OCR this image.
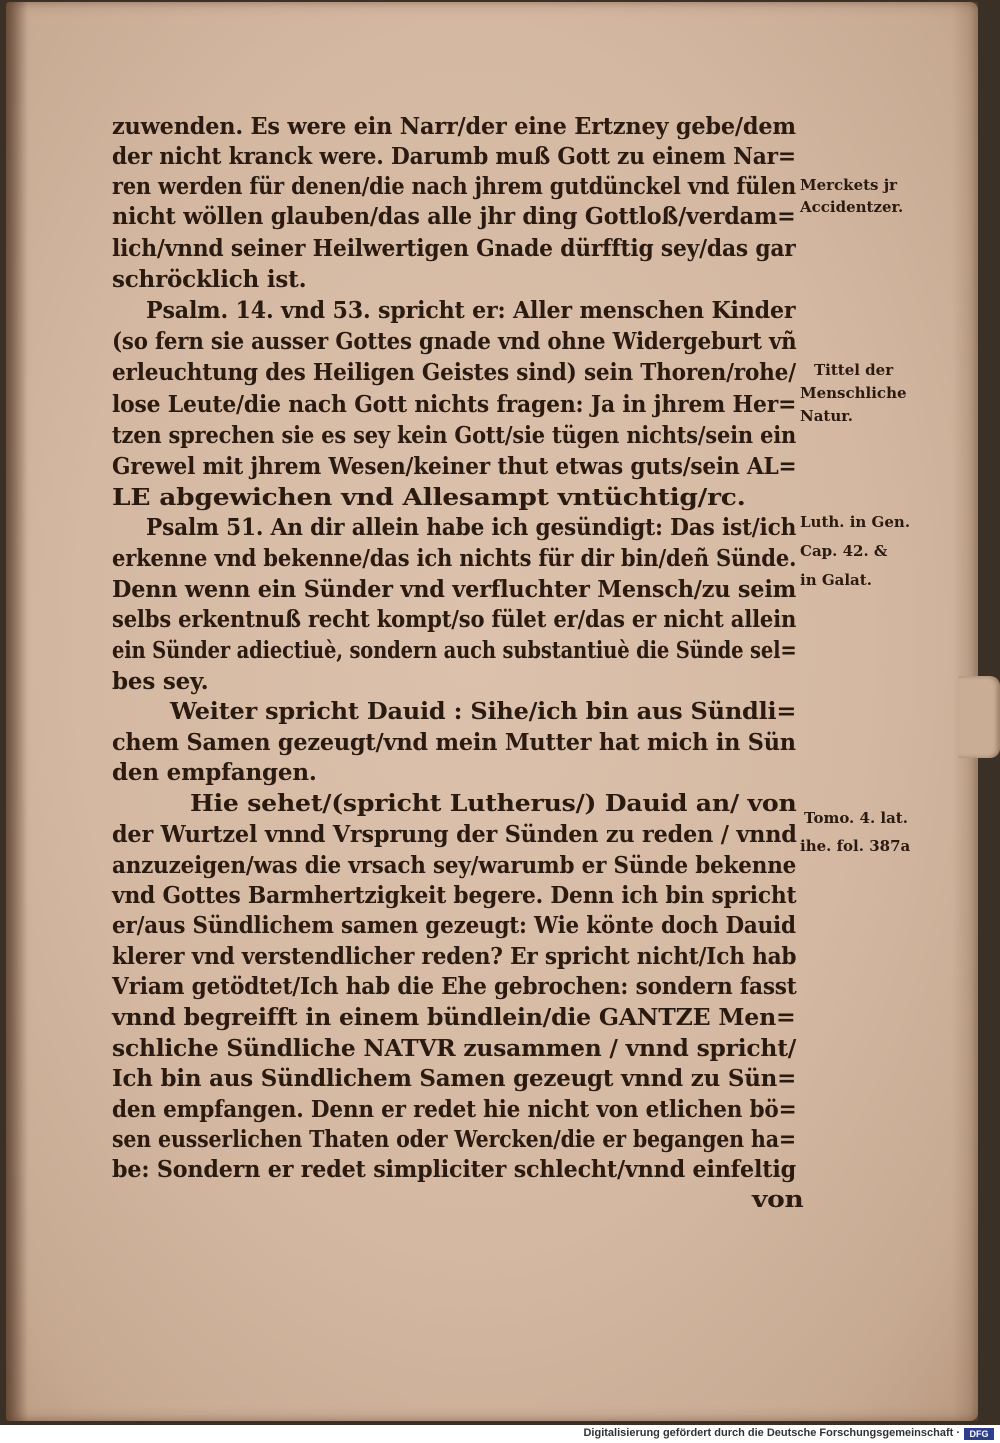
zuwenden. Es were ein Narr/der eine Ertzney gebe/dem
der nicht kranck were. Darumb muß Gott zu einem Nar=
ren werden für denen/die nach jhrem gutdünckel vnd fülen
nicht wöllen glauben/das alle jhr ding Gottloß/verdam=
lich/vnnd seiner Heilwertigen Gnade dürfftig sey/das gar
schröcklich ist.
Psalm. 14. vnd 53. spricht er: Aller menschen Kinder
(so fern sie ausser Gottes gnade vnd ohne Widergeburt vñ
erleuchtung des Heiligen Geistes sind) sein Thoren/rohe/
lose Leute/die nach Gott nichts fragen: Ja in jhrem Her=
tzen sprechen sie es sey kein Gott/sie tügen nichts/sein ein
Grewel mit jhrem Wesen/keiner thut etwas guts/sein AL=
LE abgewichen vnd Allesampt vntüchtig/rc.
Psalm 51. An dir allein habe ich gesündigt: Das ist/ich
erkenne vnd bekenne/das ich nichts für dir bin/deñ Sünde.
Denn wenn ein Sünder vnd verfluchter Mensch/zu seim
selbs erkentnuß recht kompt/so fület er/das er nicht allein
ein Sünder adiectiuè, sondern auch substantiuè die Sünde sel=
bes sey.
Weiter spricht Dauid : Sihe/ich bin aus Sündli=
chem Samen gezeugt/vnd mein Mutter hat mich in Sün
den empfangen.
Hie sehet/(spricht Lutherus/) Dauid an/ von
der Wurtzel vnnd Vrsprung der Sünden zu reden / vnnd
anzuzeigen/was die vrsach sey/warumb er Sünde bekenne
vnd Gottes Barmhertzigkeit begere. Denn ich bin spricht
er/aus Sündlichem samen gezeugt: Wie könte doch Dauid
klerer vnd verstendlicher reden? Er spricht nicht/Ich hab
Vriam getödtet/Ich hab die Ehe gebrochen: sondern fasst
vnnd begreifft in einem bündlein/die GANTZE Men=
schliche Sündliche NATVR zusammen / vnnd spricht/
Ich bin aus Sündlichem Samen gezeugt vnnd zu Sün=
den empfangen. Denn er redet hie nicht von etlichen bö=
sen eusserlichen Thaten oder Wercken/die er begangen ha=
be: Sondern er redet simpliciter schlecht/vnnd einfeltig
von
Merckets jr
Accidentzer.
Tittel der
Menschliche
Natur.
Luth. in Gen.
Cap. 42. &
in Galat.
Tomo. 4. lat.
ihe. fol. 387a
Digitalisierung gefördert durch die Deutsche Forschungsgemeinschaft ·	DFG
